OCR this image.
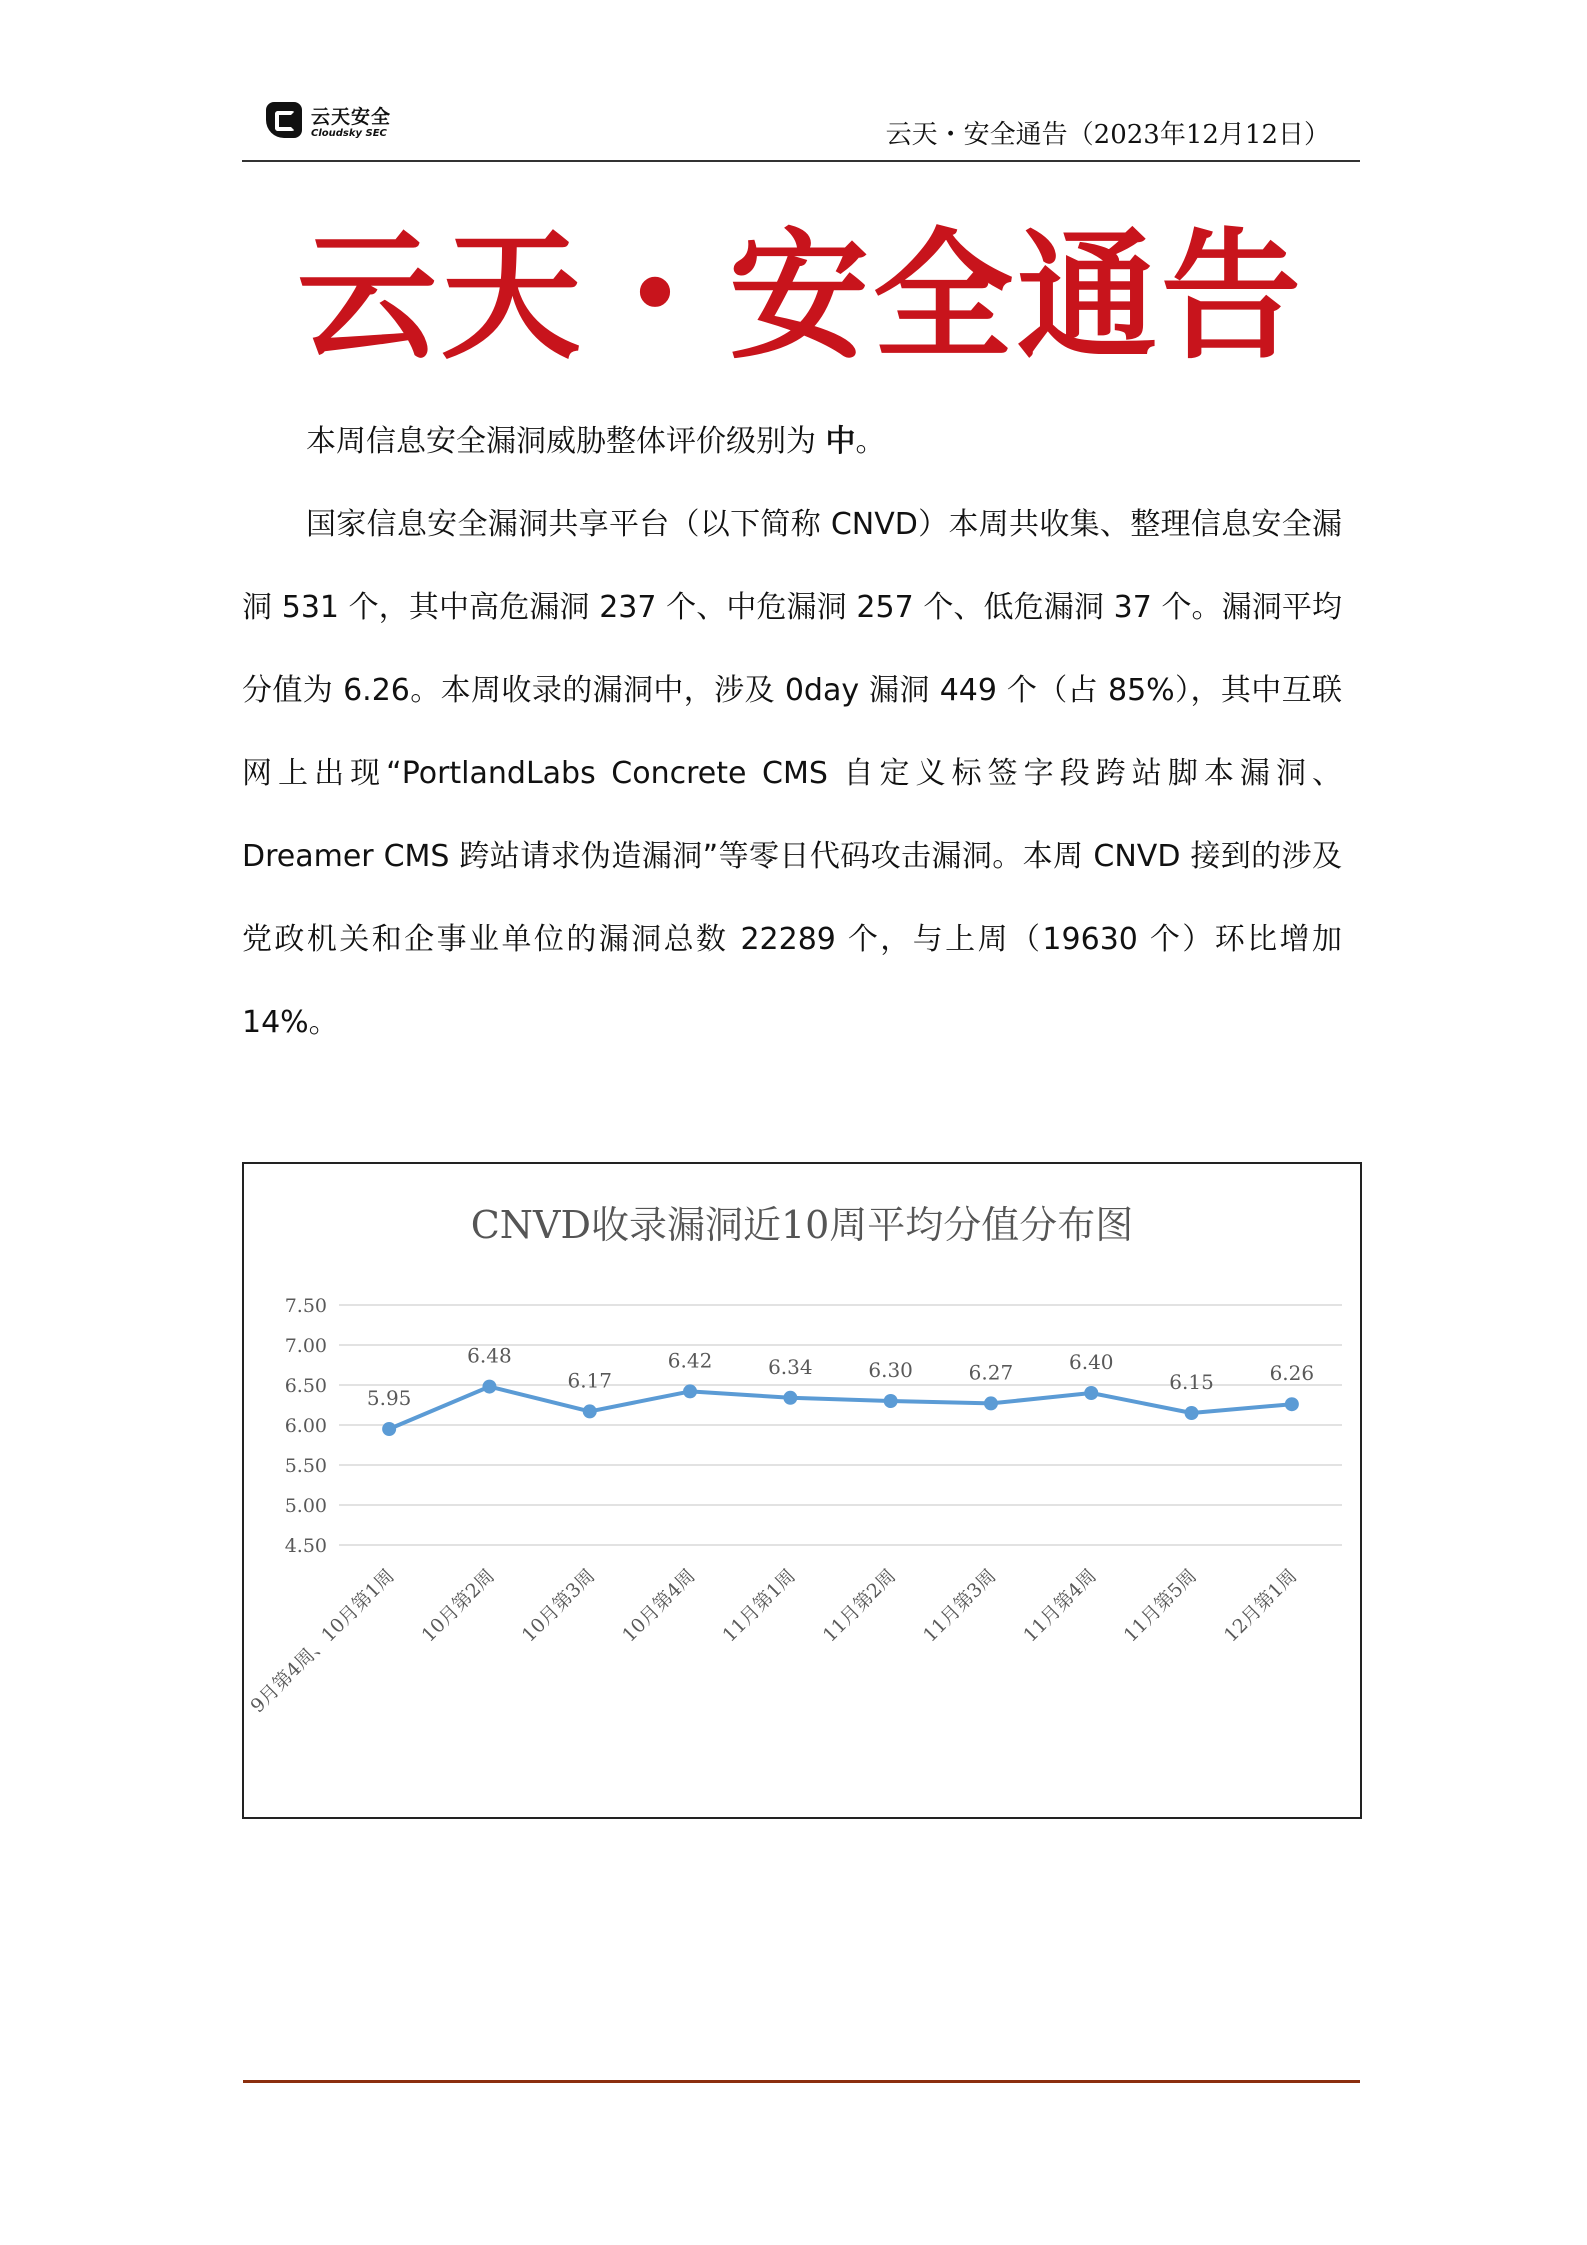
云天安全
Cloudsky SEC	云天・安全通告（2023年12月12日）
云天・安全通告

本周信息安全漏洞威胁整体评价级别为 中。

国家信息安全漏洞共享平台（以下简称 CNVD）本周共收集、整理信息安全漏洞 531 个，其中高危漏洞 237 个、中危漏洞 257 个、低危漏洞 37 个。漏洞平均分值为 6.26。本周收录的漏洞中，涉及 0day 漏洞 449 个（占 85%），其中互联网上出现“PortlandLabs Concrete CMS 自定义标签字段跨站脚本漏洞、Dreamer CMS 跨站请求伪造漏洞”等零日代码攻击漏洞。本周 CNVD 接到的涉及党政机关和企事业单位的漏洞总数 22289 个，与上周（19630 个）环比增加 14%。

CNVD收录漏洞近10周平均分值分布图
7.50
7.00
6.50
6.00
5.50
5.00
4.50
5.95
6.48
6.17
6.42	6.34	6.30	6.27	6.40
6.15	6.26
9月第4周、10月第1周 10月第2周 10月第3周 10月第4周 11月第1周 11月第2周 11月第3周 11月第4周 11月第5周 12月第1周
